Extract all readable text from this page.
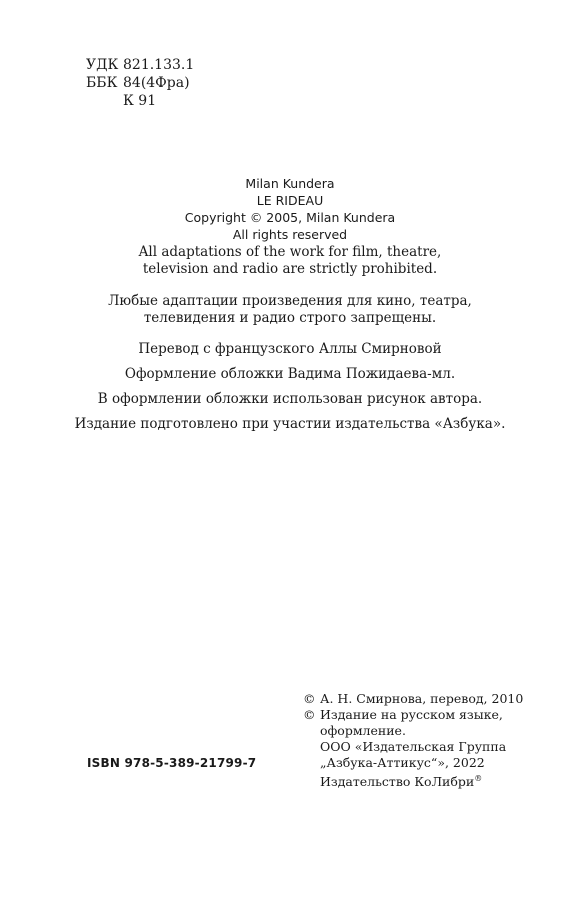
УДК 821.133.1
ББК 84(4Фра)
К 91
Milan Kundera
LE RIDEAU
Copyright © 2005, Milan Kundera
All rights reserved
All adaptations of the work for film, theatre,
television and radio are strictly prohibited.
Любые адаптации произведения для кино, театра,
телевидения и радио строго запрещены.
Перевод с французского Аллы Смирновой
Оформление обложки Вадима Пожидаева-мл.
В оформлении обложки использован рисунок автора.
Издание подготовлено при участии издательства «Азбука».
ISBN 978-5-389-21799-7
© А. Н. Смирнова, перевод, 2010
© Издание на русском языке,
оформление.
ООО «Издательская Группа
„Азбука-Аттикус“», 2022
Издательство КоЛибри®
